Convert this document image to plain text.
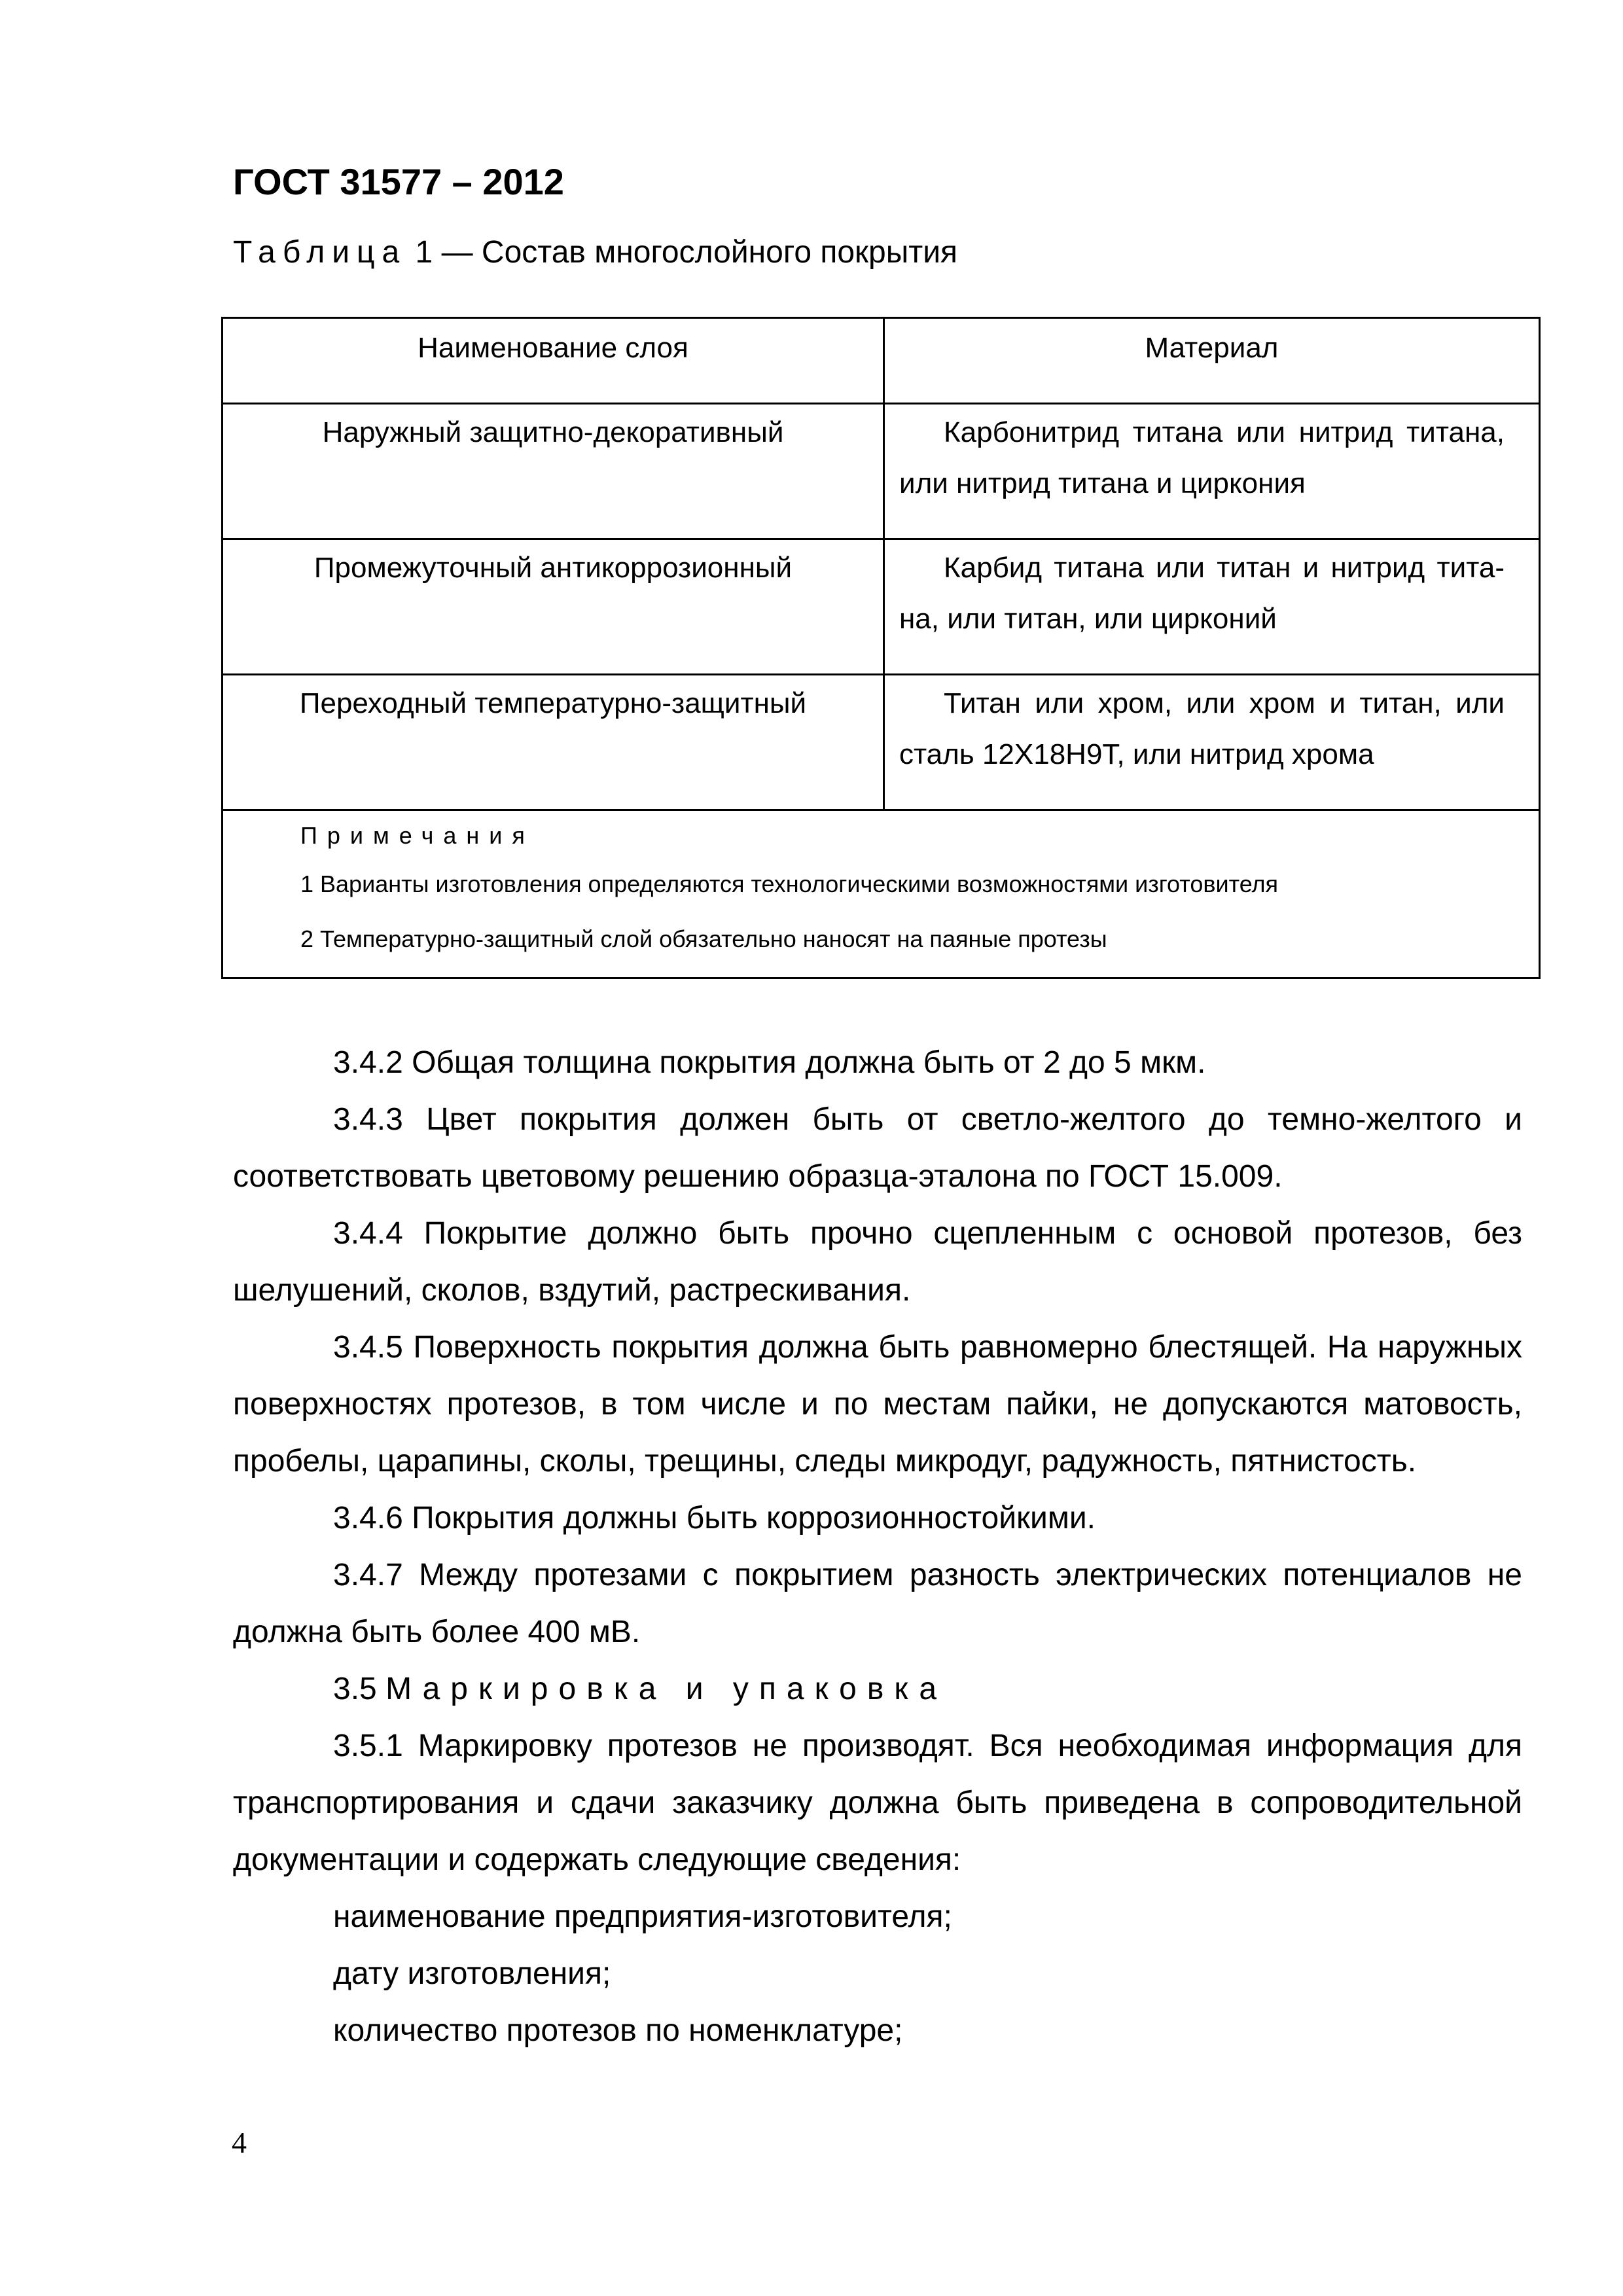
ГОСТ 31577 – 2012
Таблица 1 — Состав многослойного покрытия
Наименование слоя	Материал
Наружный защитно-декоративный	Карбонитрид титана или нитрид титана, или нитрид титана и циркония
Промежуточный антикоррозионный	Карбид титана или титан и нитрид тита-на, или титан, или цирконий
Переходный температурно-защитный	Титан или хром, или хром и титан, или сталь 12Х18Н9Т, или нитрид хрома

Примечания
1 Варианты изготовления определяются технологическими возможностями изготовителя
2 Температурно-защитный слой обязательно наносят на паяные протезы	

3.4.2 Общая толщина покрытия должна быть от 2 до 5 мкм.

3.4.3 Цвет покрытия должен быть от светло-желтого до темно-желтого и соответствовать цветовому решению образца-эталона по ГОСТ 15.009.

3.4.4 Покрытие должно быть прочно сцепленным с основой протезов, без шелушений, сколов, вздутий, растрескивания.

3.4.5 Поверхность покрытия должна быть равномерно блестящей. На наружных поверхностях протезов, в том числе и по местам пайки, не допускаются матовость, пробелы, царапины, сколы, трещины, следы микродуг, радужность, пятнистость.

3.4.6 Покрытия должны быть коррозионностойкими.

3.4.7 Между протезами с покрытием разность электрических потенциалов не должна быть более 400 мВ.

3.5 Маркировка и упаковка

3.5.1 Маркировку протезов не производят. Вся необходимая информация для транспортирования и сдачи заказчику должна быть приведена в сопроводительной документации и содержать следующие сведения:

наименование предприятия-изготовителя;

дату изготовления;

количество протезов по номенклатуре;

4
